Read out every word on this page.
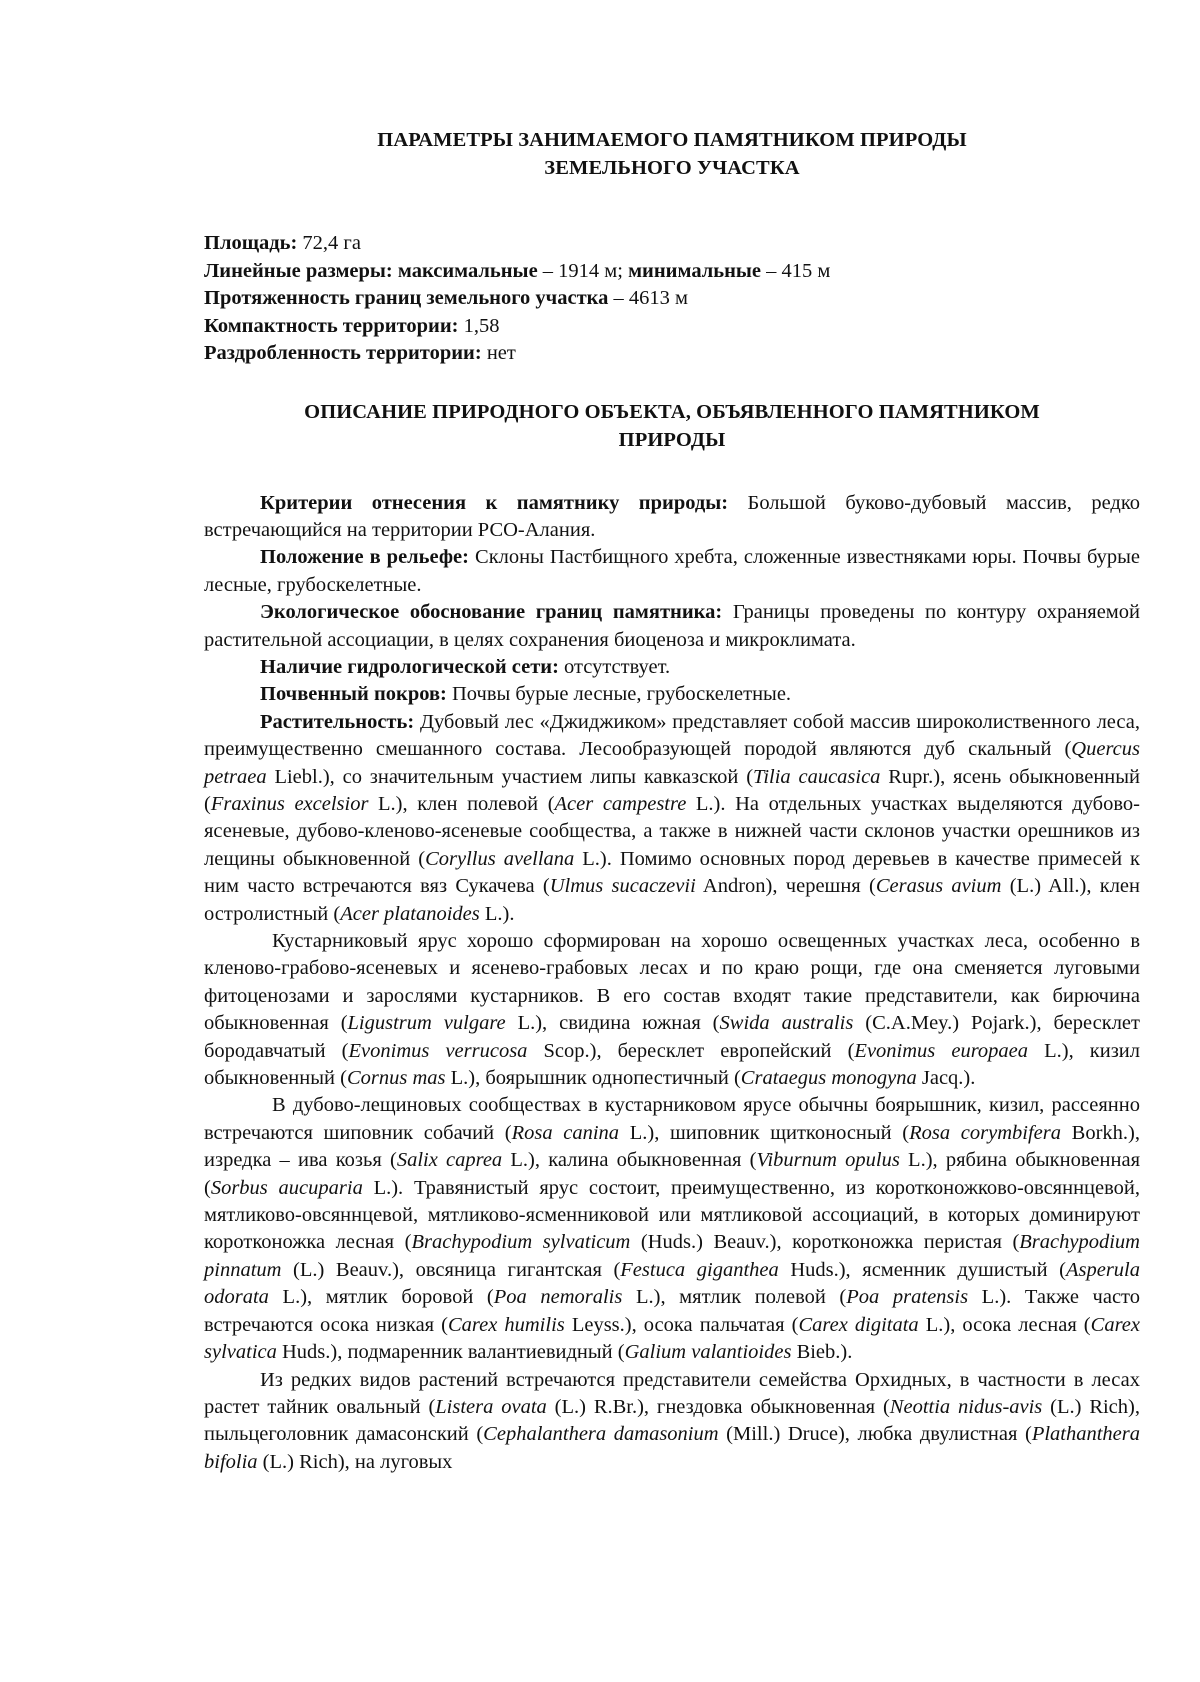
ПАРАМЕТРЫ ЗАНИМАЕМОГО ПАМЯТНИКОМ ПРИРОДЫ
ЗЕМЕЛЬНОГО УЧАСТКА

Площадь: 72,4 га

Линейные размеры: максимальные – 1914 м; минимальные – 415 м

Протяженность границ земельного участка – 4613 м

Компактность территории: 1,58

Раздробленность территории: нет

ОПИСАНИЕ ПРИРОДНОГО ОБЪЕКТА, ОБЪЯВЛЕННОГО ПАМЯТНИКОМ
ПРИРОДЫ

Критерии отнесения к памятнику природы: Большой буково-дубовый массив, редко встречающийся на территории РСО-Алания.

Положение в рельефе: Склоны Пастбищного хребта, сложенные известняками юры. Почвы бурые лесные, грубоскелетные.

Экологическое обоснование границ памятника: Границы проведены по контуру охраняемой растительной ассоциации, в целях сохранения биоценоза и микроклимата.

Наличие гидрологической сети: отсутствует.

Почвенный покров: Почвы бурые лесные, грубоскелетные.

Растительность: Дубовый лес «Джиджиком» представляет собой массив широколиственного леса, преимущественно смешанного состава. Лесообразующей породой являются дуб скальный (Quercus petraea Liebl.), со значительным участием липы кавказской (Tilia caucasica Rupr.), ясень обыкновенный (Fraxinus excelsior L.), клен полевой (Acer campestre L.). На отдельных участках выделяются дубово-ясеневые, дубово-кленово-ясеневые сообщества, а также в нижней части склонов участки орешников из лещины обыкновенной (Coryllus avellana L.). Помимо основных пород деревьев в качестве примесей к ним часто встречаются вяз Сукачева (Ulmus sucaczevii Andron), черешня (Cerasus avium (L.) All.), клен остролистный (Acer platanoides L.).

Кустарниковый ярус хорошо сформирован на хорошо освещенных участках леса, особенно в кленово-грабово-ясеневых и ясенево-грабовых лесах и по краю рощи, где она сменяется луговыми фитоценозами и зарослями кустарников. В его состав входят такие представители, как бирючина обыкновенная (Ligustrum vulgare L.), свидина южная (Swida australis (C.A.Mey.) Pojark.), бересклет бородавчатый (Evonimus verrucosa Scop.), бересклет европейский (Evonimus europaea L.), кизил обыкновенный (Cornus mas L.), боярышник однопестичный (Crataegus monogyna Jacq.).

В дубово-лещиновых сообществах в кустарниковом ярусе обычны боярышник, кизил, рассеянно встречаются шиповник собачий (Rosa canina L.), шиповник щитконосный (Rosa corymbifera Borkh.), изредка – ива козья (Salix caprea L.), калина обыкновенная (Viburnum opulus L.), рябина обыкновенная (Sorbus aucuparia L.). Травянистый ярус состоит, преимущественно, из коротконожково-овсяннцевой, мятликово-овсяннцевой, мятликово-ясменниковой или мятликовой ассоциаций, в которых доминируют коротконожка лесная (Brachypodium sylvaticum (Huds.) Beauv.), коротконожка перистая (Brachypodium pinnatum (L.) Beauv.), овсяница гигантская (Festuca giganthea Huds.), ясменник душистый (Asperula odorata L.), мятлик боровой (Poa nemoralis L.), мятлик полевой (Poa pratensis L.). Также часто встречаются осока низкая (Carex humilis Leyss.), осока пальчатая (Carex digitata L.), осока лесная (Carex sylvatica Huds.), подмаренник валантиевидный (Galium valantioides Bieb.).

Из редких видов растений встречаются представители семейства Орхидных, в частности в лесах растет тайник овальный (Listera ovata (L.) R.Br.), гнездовка обыкновенная (Neottia nidus-avis (L.) Rich), пыльцеголовник дамасонский (Cephalanthera damasonium (Mill.) Druce), любка двулистная (Plathanthera bifolia (L.) Rich), на луговых
